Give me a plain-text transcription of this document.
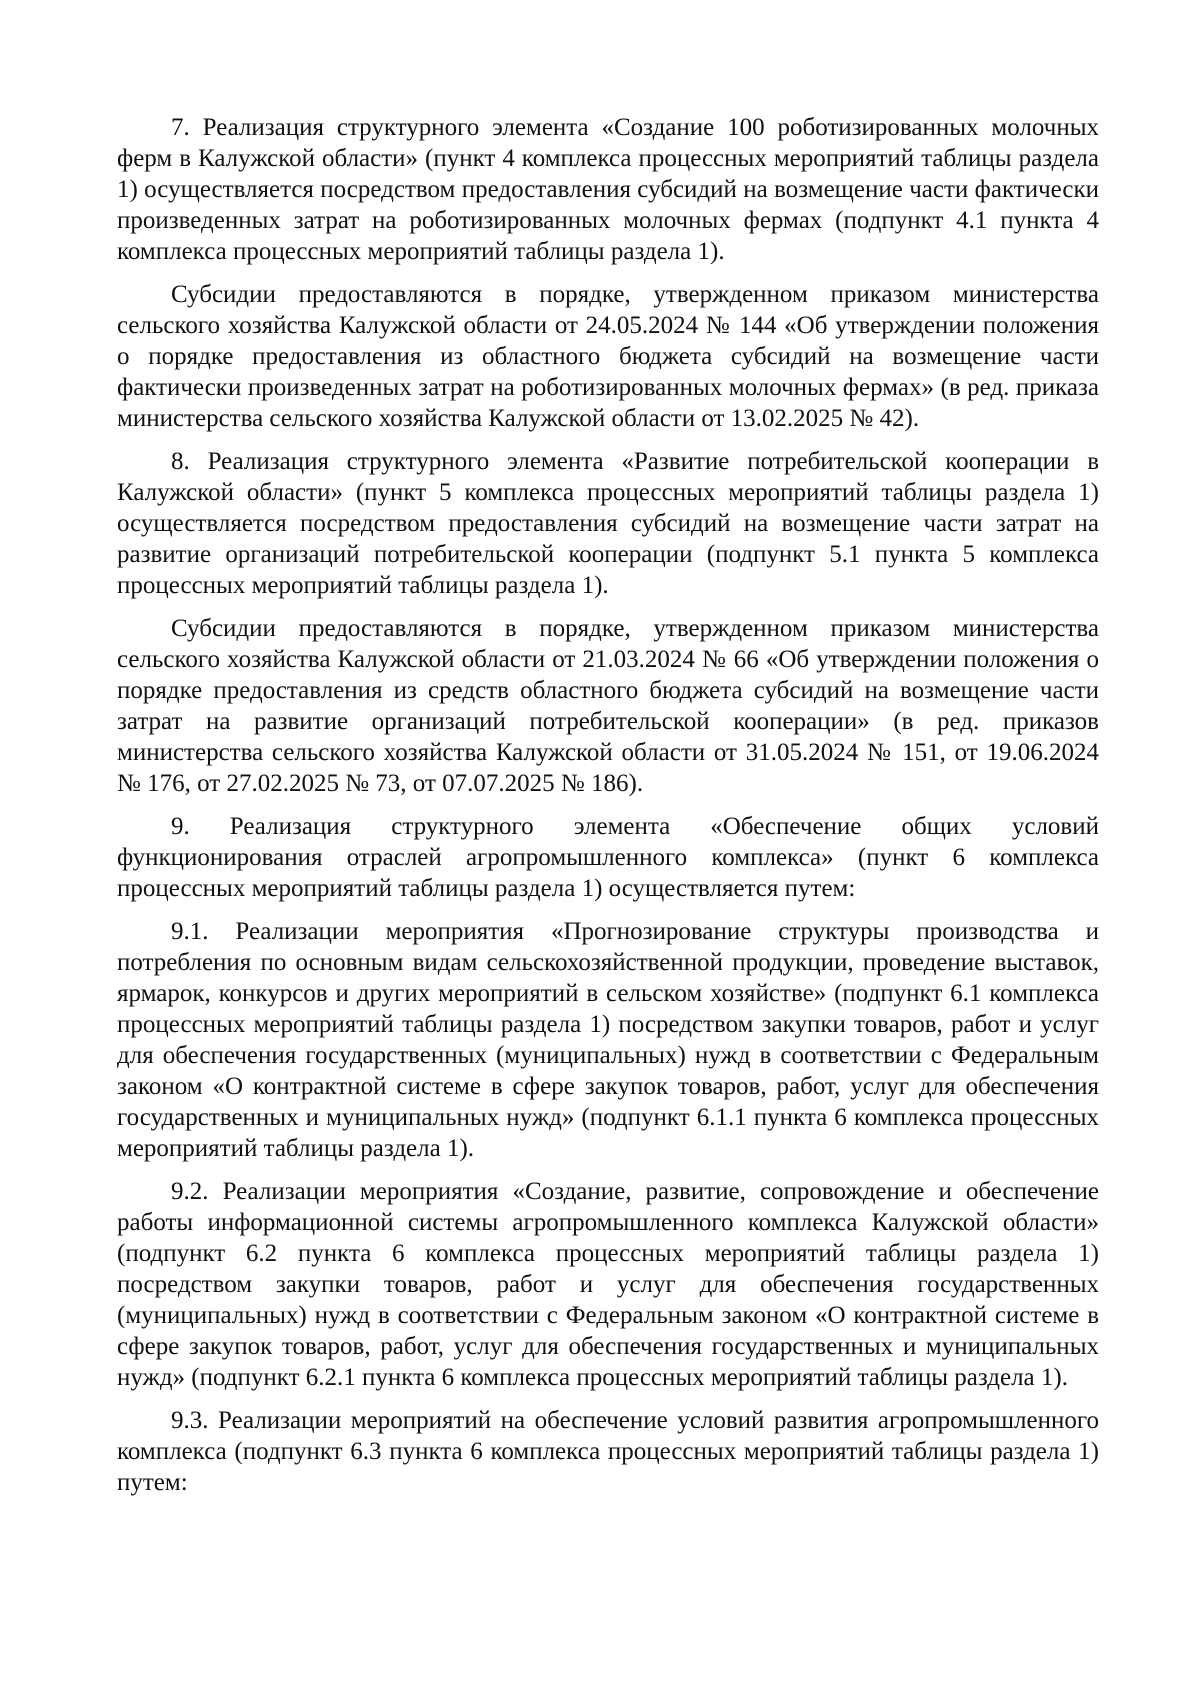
7. Реализация структурного элемента «Создание 100 роботизированных молочных ферм в Калужской области» (пункт 4 комплекса процессных мероприятий таблицы раздела 1) осуществляется посредством предоставления субсидий на возмещение части фактически произведенных затрат на роботизированных молочных фермах (подпункт 4.1 пункта 4 комплекса процессных мероприятий таблицы раздела 1).

Субсидии предоставляются в порядке, утвержденном приказом министерства сельского хозяйства Калужской области от 24.05.2024 № 144 «Об утверждении положения о порядке предоставления из областного бюджета субсидий на возмещение части фактически произведенных затрат на роботизированных молочных фермах» (в ред. приказа министерства сельского хозяйства Калужской области от 13.02.2025 № 42).

8. Реализация структурного элемента «Развитие потребительской кооперации в Калужской области» (пункт 5 комплекса процессных мероприятий таблицы раздела 1) осуществляется посредством предоставления субсидий на возмещение части затрат на развитие организаций потребительской кооперации (подпункт 5.1 пункта 5 комплекса процессных мероприятий таблицы раздела 1).

Субсидии предоставляются в порядке, утвержденном приказом министерства сельского хозяйства Калужской области от 21.03.2024 № 66 «Об утверждении положения о порядке предоставления из средств областного бюджета субсидий на возмещение части затрат на развитие организаций потребительской кооперации» (в ред. приказов министерства сельского хозяйства Калужской области от 31.05.2024 № 151, от 19.06.2024 № 176, от 27.02.2025 № 73, от 07.07.2025 № 186).

9. Реализация структурного элемента «Обеспечение общих условий функционирования отраслей агропромышленного комплекса» (пункт 6 комплекса процессных мероприятий таблицы раздела 1) осуществляется путем:

9.1. Реализации мероприятия «Прогнозирование структуры производства и потребления по основным видам сельскохозяйственной продукции, проведение выставок, ярмарок, конкурсов и других мероприятий в сельском хозяйстве» (подпункт 6.1 комплекса процессных мероприятий таблицы раздела 1) посредством закупки товаров, работ и услуг для обеспечения государственных (муниципальных) нужд в соответствии с Федеральным законом «О контрактной системе в сфере закупок товаров, работ, услуг для обеспечения государственных и муниципальных нужд» (подпункт 6.1.1 пункта 6 комплекса процессных мероприятий таблицы раздела 1).

9.2. Реализации мероприятия «Создание, развитие, сопровождение и обеспечение работы информационной системы агропромышленного комплекса Калужской области» (подпункт 6.2 пункта 6 комплекса процессных мероприятий таблицы раздела 1) посредством закупки товаров, работ и услуг для обеспечения государственных (муниципальных) нужд в соответствии с Федеральным законом «О контрактной системе в сфере закупок товаров, работ, услуг для обеспечения государственных и муниципальных нужд» (подпункт 6.2.1 пункта 6 комплекса процессных мероприятий таблицы раздела 1).

9.3. Реализации мероприятий на обеспечение условий развития агропромышленного комплекса (подпункт 6.3 пункта 6 комплекса процессных мероприятий таблицы раздела 1) путем:
